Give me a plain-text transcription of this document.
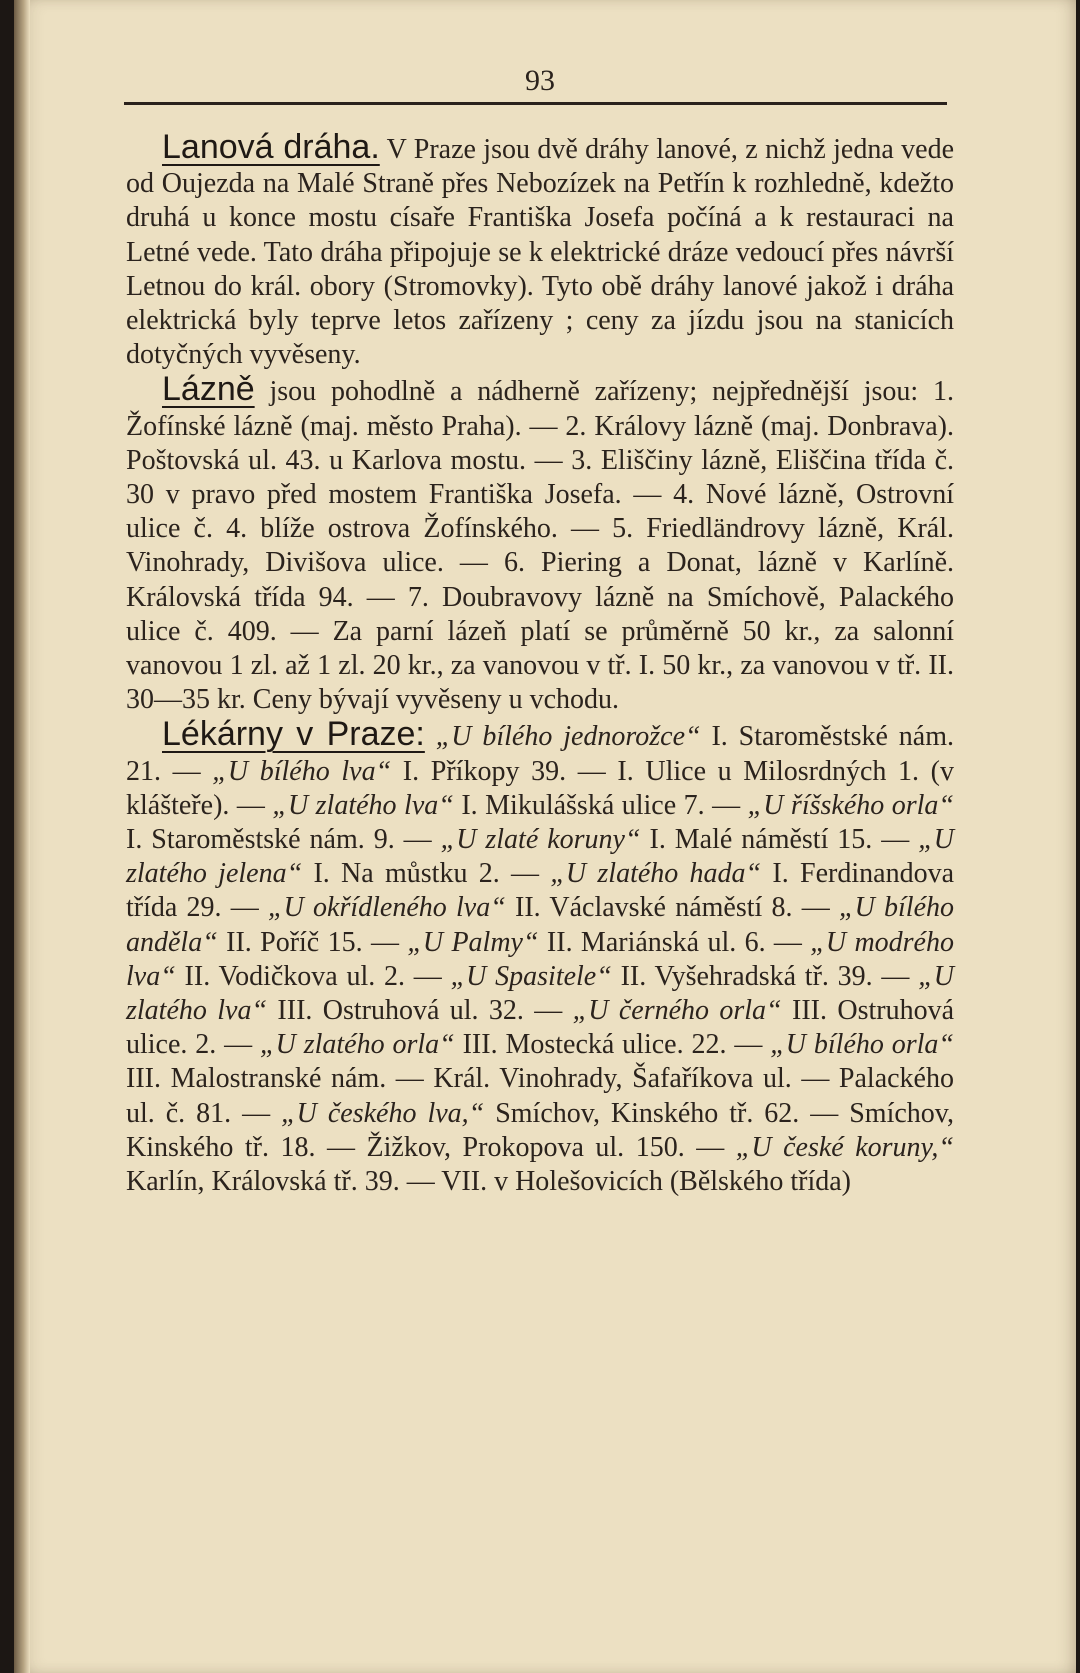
93

Lanová dráha. V Praze jsou dvě dráhy lanové, z nichž jedna vede od Oujezda na Malé Straně přes Nebozízek na Petřín k rozhledně, kdežto druhá u konce mostu císaře Františka Josefa počíná a k restauraci na Letné vede. Tato dráha připojuje se k elektrické dráze vedoucí přes návrší Letnou do král. obory (Stromovky). Tyto obě dráhy lanové jakož i dráha elektrická byly teprve letos zařízeny ; ceny za jízdu jsou na stanicích dotyčných vyvěseny.

Lázně jsou pohodlně a nádherně zařízeny; nejpřednější jsou: 1. Žofínské lázně (maj. město Praha). — 2. Královy lázně (maj. Donbrava). Poštovská ul. 43. u Karlova mostu. — 3. Eliščiny lázně, Eliščina třída č. 30 v pravo před mostem Františka Josefa. — 4. Nové lázně, Ostrovní ulice č. 4. blíže ostrova Žofínského. — 5. Friedländrovy lázně, Král. Vinohrady, Divišova ulice. — 6. Piering a Donat, lázně v Karlíně. Královská třída 94. — 7. Doubravovy lázně na Smíchově, Palackého ulice č. 409. — Za parní lázeň platí se průměrně 50 kr., za salonní vanovou 1 zl. až 1 zl. 20 kr., za vanovou v tř. I. 50 kr., za vanovou v tř. II. 30—35 kr. Ceny bývají vyvěseny u vchodu.

Lékárny v Praze: „U bílého jednorožce“ I. Staroměstské nám. 21. — „U bílého lva“ I. Příkopy 39. — I. Ulice u Milosrdných 1. (v klášteře). — „U zlatého lva“ I. Mikulášská ulice 7. — „U říšského orla“ I. Staroměstské nám. 9. — „U zlaté koruny“ I. Malé náměstí 15. — „U zlatého jelena“ I. Na můstku 2. — „U zlatého hada“ I. Ferdinandova třída 29. — „U okřídleného lva“ II. Václavské náměstí 8. — „U bílého anděla“ II. Poříč 15. — „U Palmy“ II. Mariánská ul. 6. — „U modrého lva“ II. Vodičkova ul. 2. — „U Spasitele“ II. Vyšehradská tř. 39. — „U zlatého lva“ III. Ostruhová ul. 32. — „U černého orla“ III. Ostruhová ulice. 2. — „U zlatého orla“ III. Mostecká ulice. 22. — „U bílého orla“ III. Malostranské nám. — Král. Vinohrady, Šafaříkova ul. — Palackého ul. č. 81. — „U českého lva,“ Smíchov, Kinského tř. 62. — Smíchov, Kinského tř. 18. — Žižkov, Prokopova ul. 150. — „U české koruny,“ Karlín, Královská tř. 39. — VII. v Holešovicích (Bělského třída)
